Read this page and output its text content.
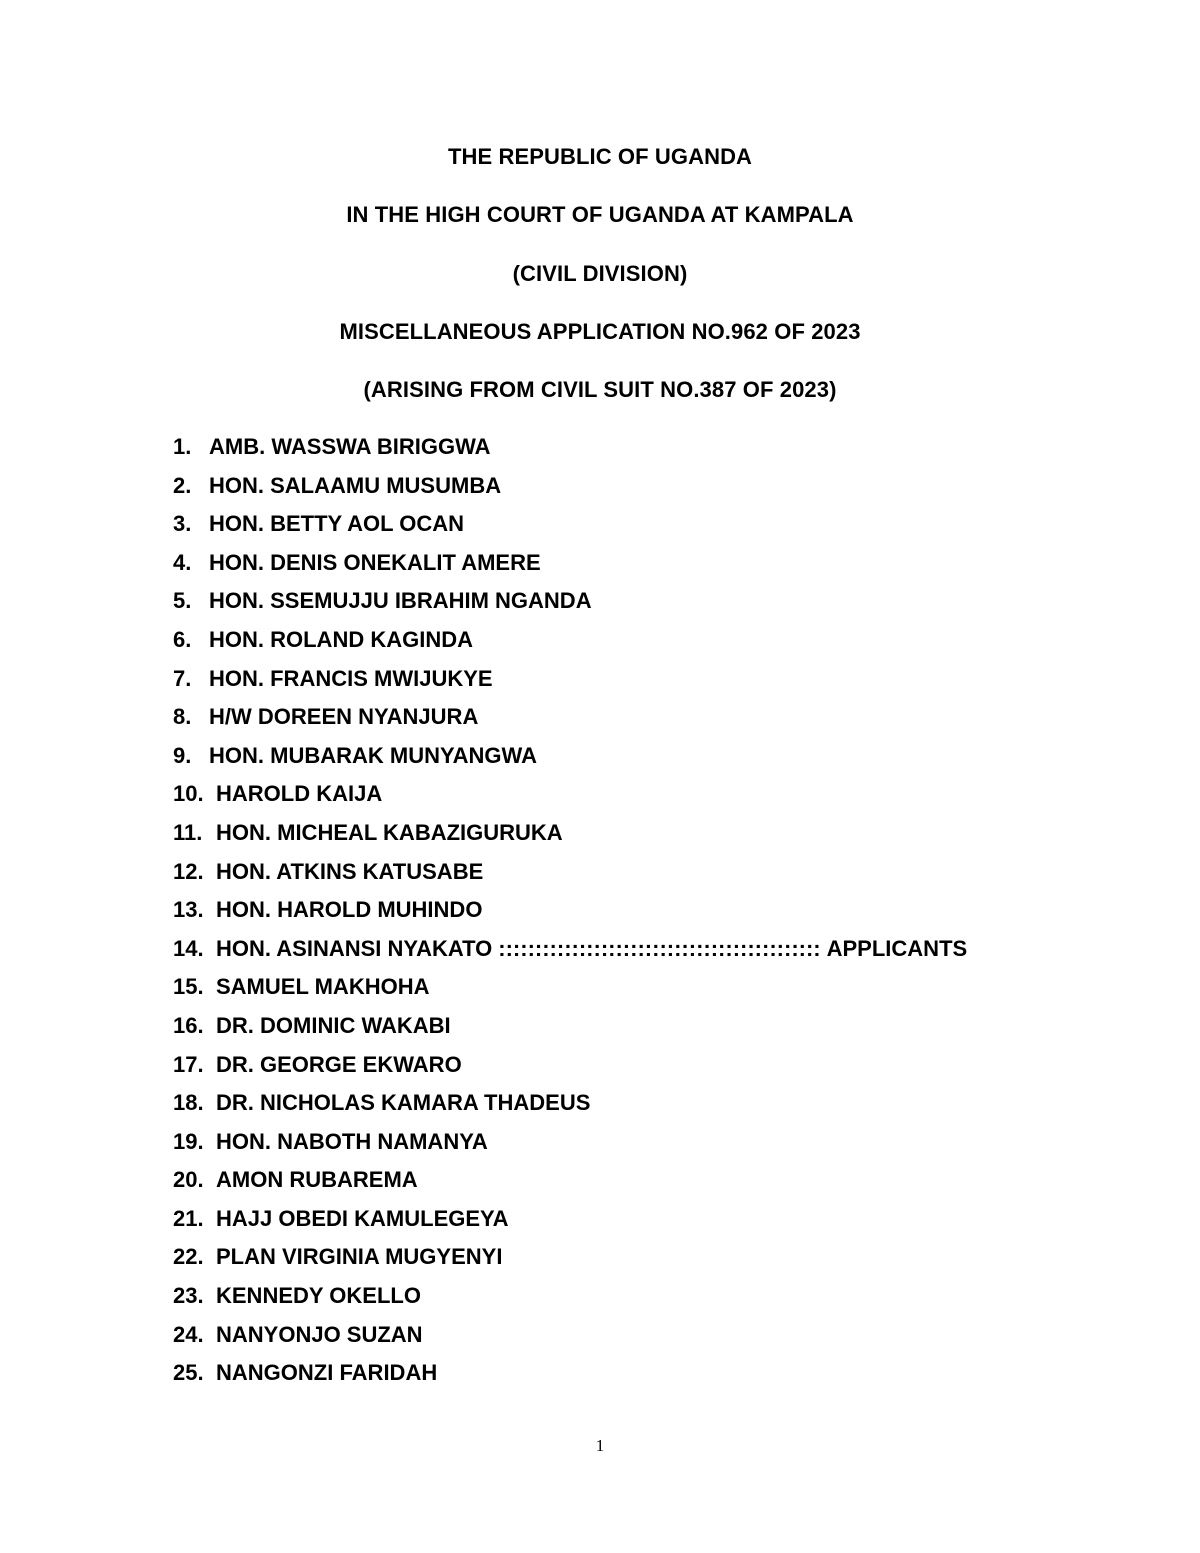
THE REPUBLIC OF UGANDA
IN THE HIGH COURT OF UGANDA AT KAMPALA
(CIVIL DIVISION)
MISCELLANEOUS APPLICATION NO.962 OF 2023
(ARISING FROM CIVIL SUIT NO.387 OF 2023)
1. AMB. WASSWA BIRIGGWA
2. HON. SALAAMU MUSUMBA
3. HON. BETTY AOL OCAN
4. HON. DENIS ONEKALIT AMERE
5. HON. SSEMUJJU IBRAHIM NGANDA
6. HON. ROLAND KAGINDA
7. HON. FRANCIS MWIJUKYE
8. H/W DOREEN NYANJURA
9. HON. MUBARAK MUNYANGWA
10. HAROLD KAIJA
11. HON. MICHEAL KABAZIGURUKA
12. HON. ATKINS KATUSABE
13. HON. HAROLD MUHINDO
14. HON. ASINANSI NYAKATO :::::::::::::::::::::::::::::::::::::::::::: APPLICANTS
15. SAMUEL MAKHOHA
16. DR. DOMINIC WAKABI
17. DR. GEORGE EKWARO
18. DR. NICHOLAS KAMARA THADEUS
19. HON. NABOTH NAMANYA
20. AMON RUBAREMA
21. HAJJ OBEDI KAMULEGEYA
22. PLAN VIRGINIA MUGYENYI
23. KENNEDY OKELLO
24. NANYONJO SUZAN
25. NANGONZI FARIDAH
1
